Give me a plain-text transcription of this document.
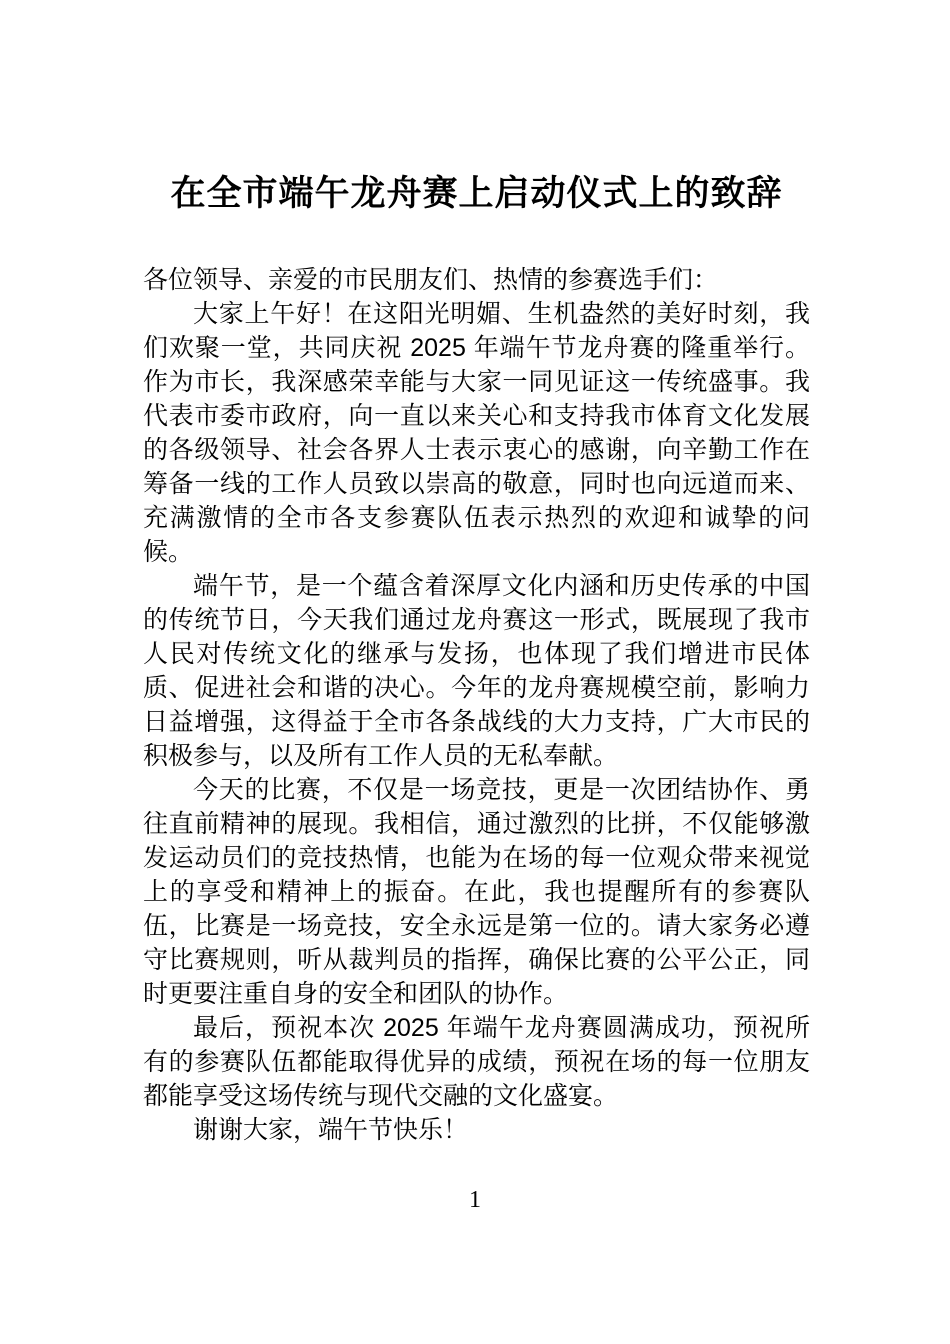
在全市端午龙舟赛上启动仪式上的致辞

各位领导、亲爱的市民朋友们、热情的参赛选手们：

大家上午好！在这阳光明媚、生机盎然的美好时刻，我们欢聚一堂，共同庆祝 2025 年端午节龙舟赛的隆重举行。作为市长，我深感荣幸能与大家一同见证这一传统盛事。我代表市委市政府，向一直以来关心和支持我市体育文化发展的各级领导、社会各界人士表示衷心的感谢，向辛勤工作在筹备一线的工作人员致以崇高的敬意，同时也向远道而来、充满激情的全市各支参赛队伍表示热烈的欢迎和诚挚的问候。

端午节，是一个蕴含着深厚文化内涵和历史传承的中国的传统节日，今天我们通过龙舟赛这一形式，既展现了我市人民对传统文化的继承与发扬，也体现了我们增进市民体质、促进社会和谐的决心。今年的龙舟赛规模空前，影响力日益增强，这得益于全市各条战线的大力支持，广大市民的积极参与，以及所有工作人员的无私奉献。

今天的比赛，不仅是一场竞技，更是一次团结协作、勇往直前精神的展现。我相信，通过激烈的比拼，不仅能够激发运动员们的竞技热情，也能为在场的每一位观众带来视觉上的享受和精神上的振奋。在此，我也提醒所有的参赛队伍，比赛是一场竞技，安全永远是第一位的。请大家务必遵守比赛规则，听从裁判员的指挥，确保比赛的公平公正，同时更要注重自身的安全和团队的协作。

最后，预祝本次 2025 年端午龙舟赛圆满成功，预祝所有的参赛队伍都能取得优异的成绩，预祝在场的每一位朋友都能享受这场传统与现代交融的文化盛宴。

谢谢大家，端午节快乐！

1
